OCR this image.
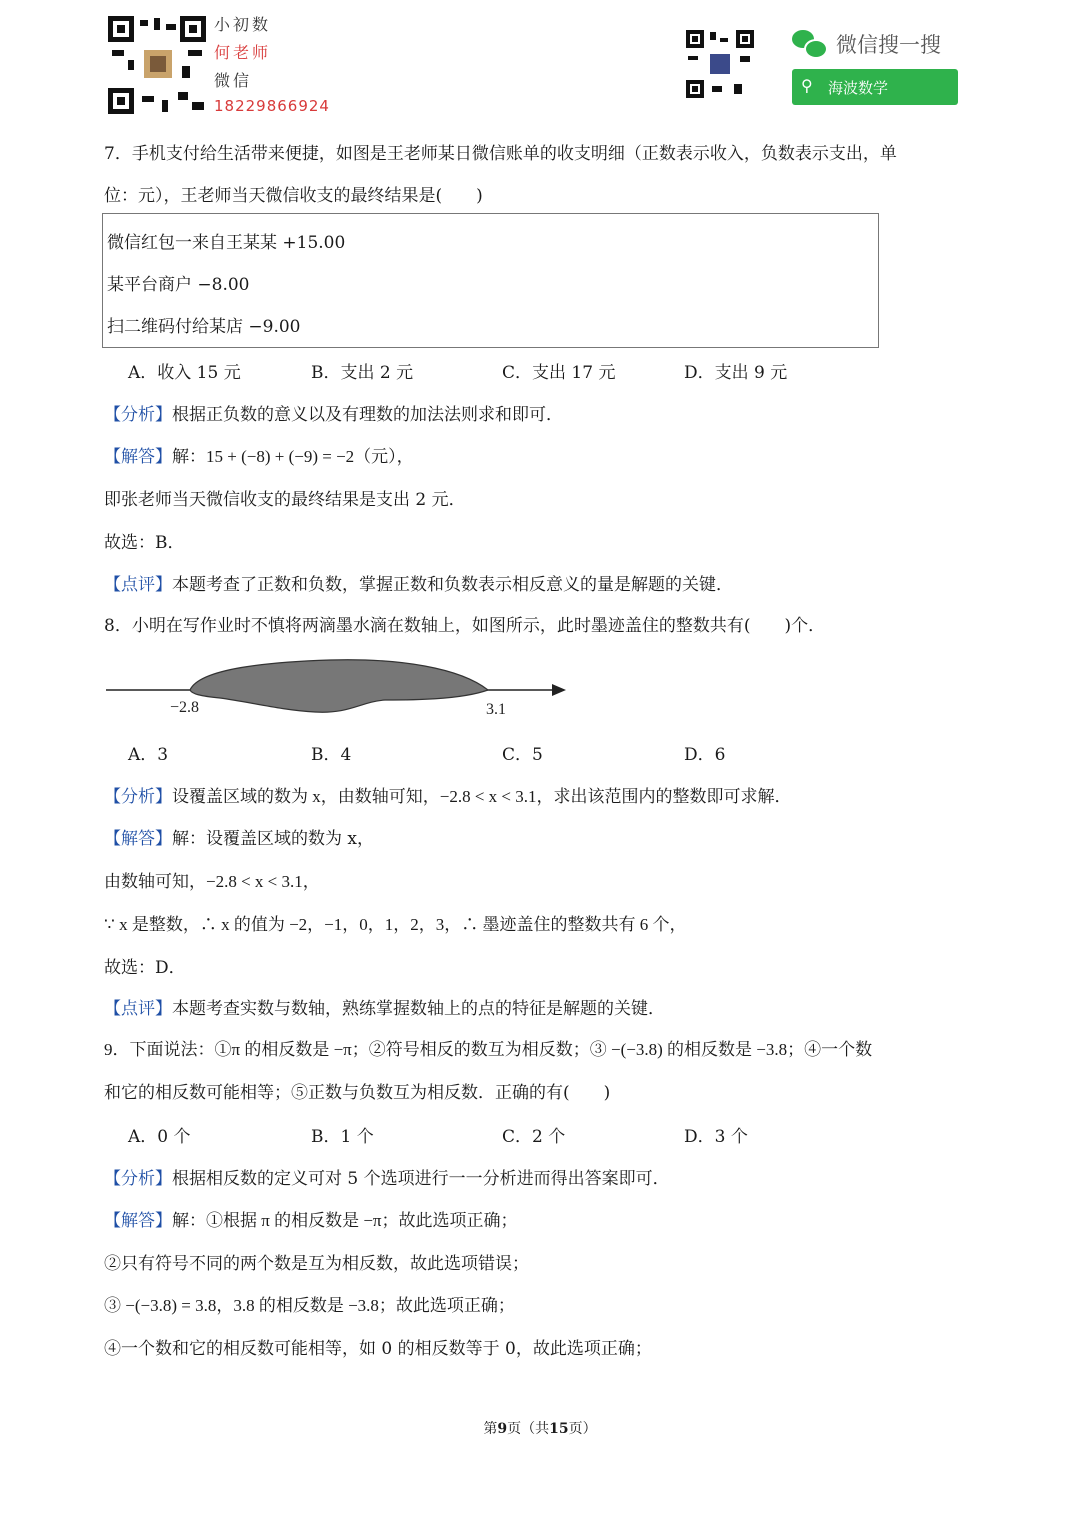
小初数
何老师
微信
18229866924
微信搜一搜
⚲ 海波数学
7．手机支付给生活带来便捷，如图是王老师某日微信账单的收支明细（正数表示收入，负数表示支出，单
位：元），王老师当天微信收支的最终结果是(　　)
微信红包一来自王某某 +15.00
某平台商户 −8.00
扫二维码付给某店 −9.00
A．收入 15 元	B．支出 2 元	C．支出 17 元	D．支出 9 元
【分析】根据正负数的意义以及有理数的加法法则求和即可．
【解答】解：15 + (−8) + (−9) = −2（元），
即张老师当天微信收支的最终结果是支出 2 元．
故选：B．
【点评】本题考查了正数和负数，掌握正数和负数表示相反意义的量是解题的关键．
8．小明在写作业时不慎将两滴墨水滴在数轴上，如图所示，此时墨迹盖住的整数共有(　　)个．
−2.8	3.1
A．3	B．4	C．5	D．6
【分析】设覆盖区域的数为 x，由数轴可知，−2.8 < x < 3.1，求出该范围内的整数即可求解．
【解答】解：设覆盖区域的数为 x，
由数轴可知，−2.8 < x < 3.1，
∵ x 是整数，∴ x 的值为 −2，−1，0，1，2，3，∴ 墨迹盖住的整数共有 6 个，
故选：D．
【点评】本题考查实数与数轴，熟练掌握数轴上的点的特征是解题的关键．
9．下面说法：①π 的相反数是 −π；②符号相反的数互为相反数；③ −(−3.8) 的相反数是 −3.8；④一个数
和它的相反数可能相等；⑤正数与负数互为相反数．正确的有(　　)
A．0 个	B．1 个	C．2 个	D．3 个
【分析】根据相反数的定义可对 5 个选项进行一一分析进而得出答案即可．
【解答】解：①根据 π 的相反数是 −π；故此选项正确；
②只有符号不同的两个数是互为相反数，故此选项错误；
③ −(−3.8) = 3.8，3.8 的相反数是 −3.8；故此选项正确；
④一个数和它的相反数可能相等，如 0 的相反数等于 0，故此选项正确；
第9页（共15页）
